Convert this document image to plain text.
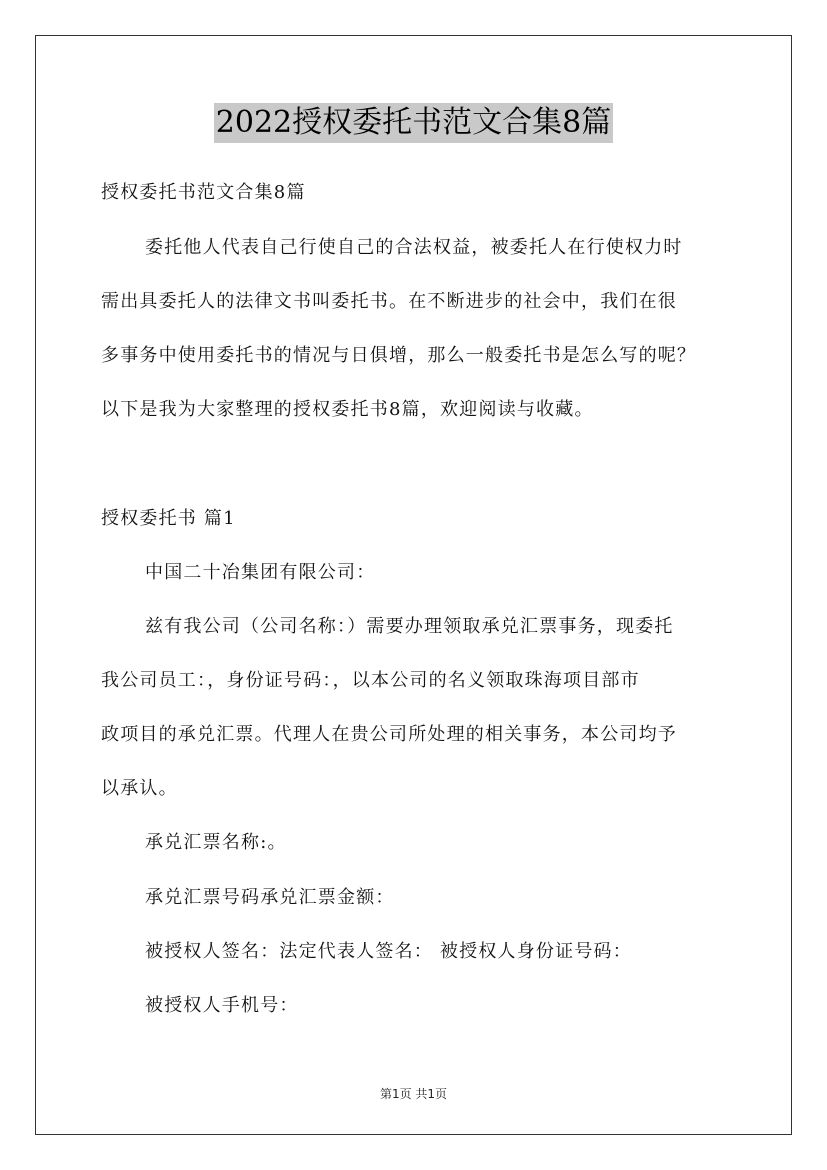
2022授权委托书范文合集8篇
授权委托书范文合集8篇
委托他人代表自己行使自己的合法权益，被委托人在行使权力时
需出具委托人的法律文书叫委托书。在不断进步的社会中，我们在很
多事务中使用委托书的情况与日俱增，那么一般委托书是怎么写的呢？
以下是我为大家整理的授权委托书8篇，欢迎阅读与收藏。
授权委托书 篇1
中国二十冶集团有限公司：
兹有我公司（公司名称：）需要办理领取承兑汇票事务，现委托
我公司员工：，身份证号码：，以本公司的名义领取珠海项目部市
政项目的承兑汇票。代理人在贵公司所处理的相关事务，本公司均予
以承认。
承兑汇票名称:。
承兑汇票号码承兑汇票金额：
被授权人签名：法定代表人签名： 被授权人身份证号码：
被授权人手机号：
第1页 共1页
